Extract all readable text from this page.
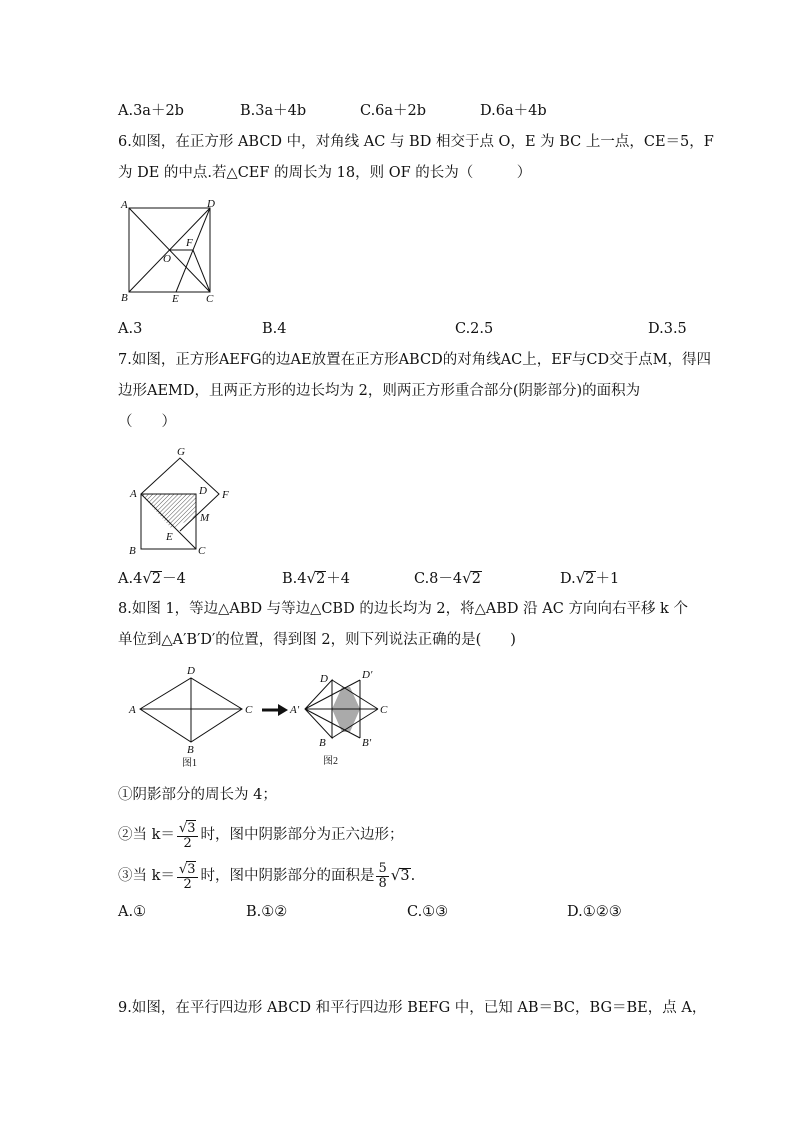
A.3a＋2b	B.3a＋4b	C.6a＋2b	D.6a＋4b
6.如图，在正方形 ABCD 中，对角线 AC 与 BD 相交于点 O，E 为 BC 上一点，CE＝5，F
为 DE 的中点.若△CEF 的周长为 18，则 OF 的长为（　　　）
A	D
B	C
E
F
O
A.3	B.4	C.2.5	D.3.5
7.如图，正方形AEFG的边AE放置在正方形ABCD的对角线AC上，EF与CD交于点M，得四
边形AEMD，且两正方形的边长均为 2，则两正方形重合部分(阴影部分)的面积为
（　　）
A
B	C
D
E
F
G
M
A.4√2－4	B.4√2＋4	C.8－4√2	D.√2＋1
8.如图 1，等边△ABD 与等边△CBD 的边长均为 2，将△ABD 沿 AC 方向向右平移 k 个
单位到△A′B′D′的位置，得到图 2，则下列说法正确的是(　　)
A
D
C
B
图1
A′
D	D′
C
B	B′
图2
①阴影部分的周长为 4；
②当 $k= \frac{√3}{2}$ 时，图中阴影部分为正六边形；
③当 $k= \frac{√3}{2}$ 时，图中阴影部分的面积是 $\frac{5}{8} √3$.
A.①	B.①②	C.①③	D.①②③
9.如图，在平行四边形 ABCD 和平行四边形 BEFG 中，已知 AB＝BC，BG＝BE，点 A，
